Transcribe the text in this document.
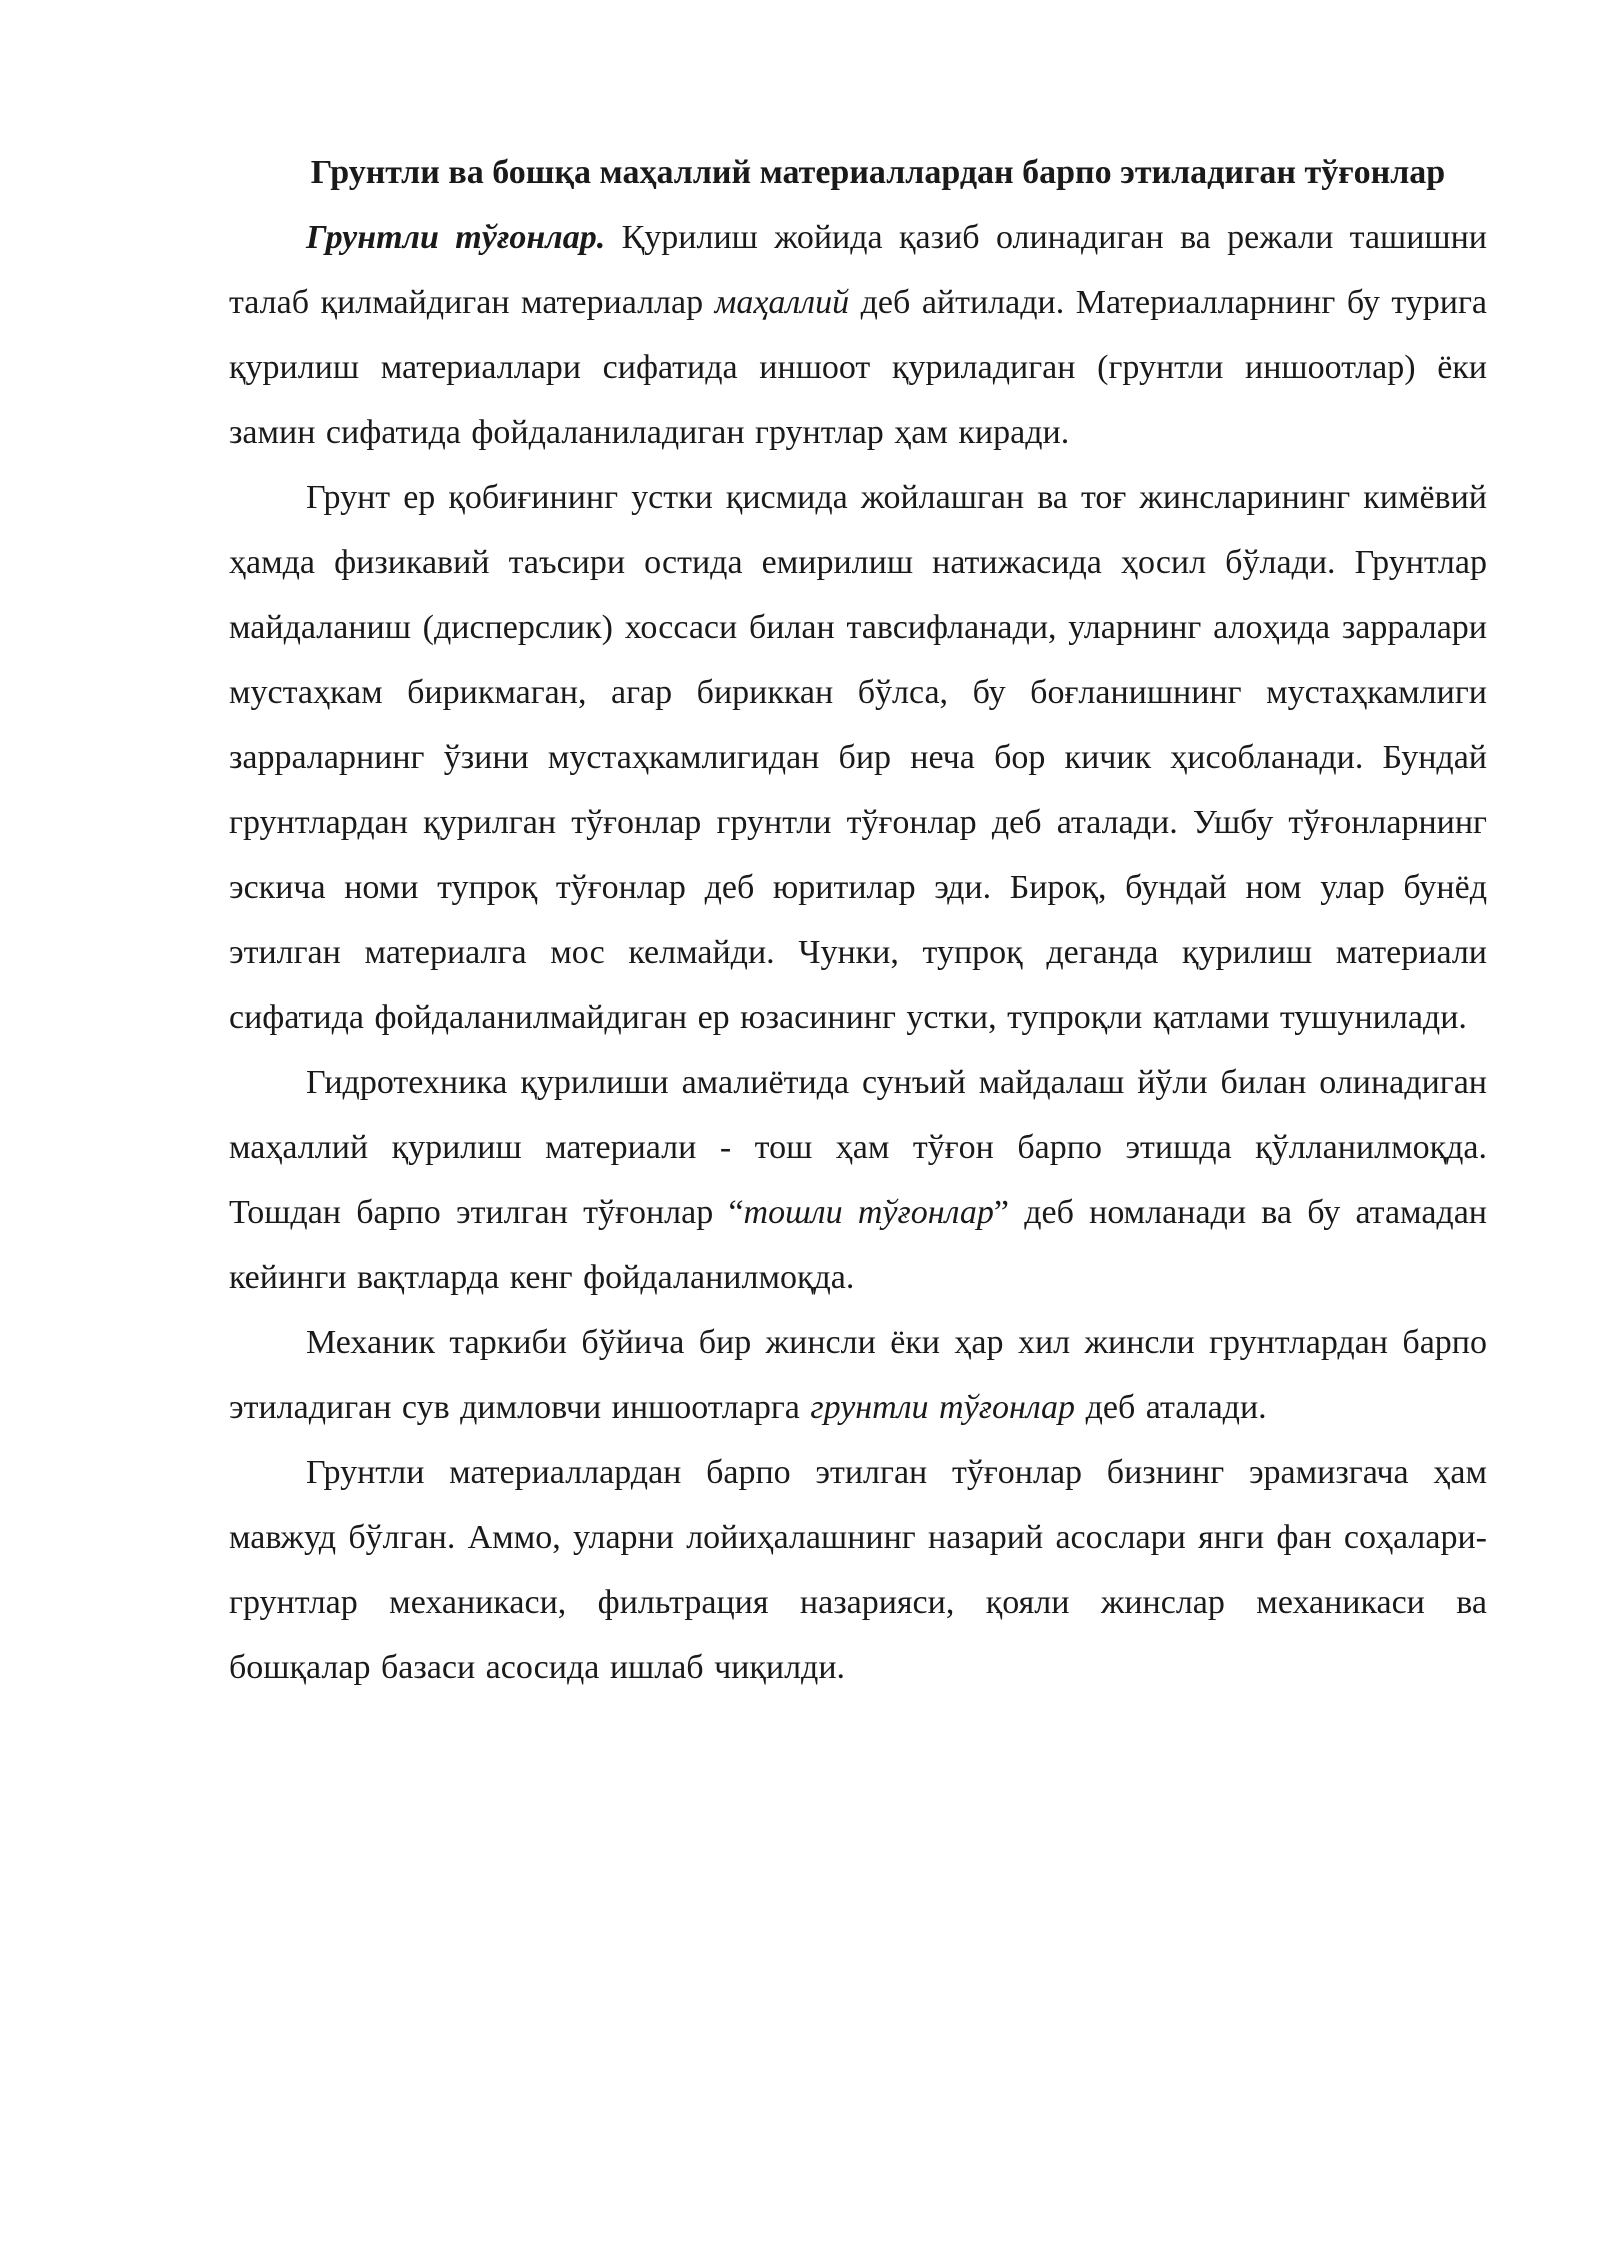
Грунтли ва бошқа маҳаллий материаллардан барпо этиладиган тўғонлар

Грунтли тўғонлар. Қурилиш жойида қазиб олинадиган ва режали ташишни талаб қилмайдиган материаллар маҳаллий деб айтилади. Материалларнинг бу турига қурилиш материаллари сифатида иншоот қуриладиган (грунтли иншоотлар) ёки замин сифатида фойдаланиладиган грунтлар ҳам киради.

Грунт ер қобиғининг устки қисмида жойлашган ва тоғ жинсларининг кимёвий ҳамда физикавий таъсири остида емирилиш натижасида ҳосил бўлади. Грунтлар майдаланиш (дисперслик) хоссаси билан тавсифланади, уларнинг алоҳида зарралари мустаҳкам бирикмаган, агар бириккан бўлса, бу боғланишнинг мустаҳкамлиги зарраларнинг ўзини мустаҳкамлигидан бир неча бор кичик ҳисобланади. Бундай грунтлардан қурилган тўғонлар грунтли тўғонлар деб аталади. Ушбу тўғонларнинг эскича номи тупроқ тўғонлар деб юритилар эди. Бироқ, бундай ном улар бунёд этилган материалга мос келмайди. Чунки, тупроқ деганда қурилиш материали сифатида фойдаланилмайдиган ер юзасининг устки, тупроқли қатлами тушунилади.

Гидротехника қурилиши амалиётида сунъий майдалаш йўли билан олинадиган маҳаллий қурилиш материали - тош ҳам тўғон барпо этишда қўлланилмоқда. Тошдан барпо этилган тўғонлар “тошли тўғонлар” деб номланади ва бу атамадан кейинги вақтларда кенг фойдаланилмоқда.

Механик таркиби бўйича бир жинсли ёки ҳар хил жинсли грунтлардан барпо этиладиган сув димловчи иншоотларга грунтли тўғонлар деб аталади.

Грунтли материаллардан барпо этилган тўғонлар бизнинг эрамизгача ҳам мавжуд бўлган. Аммо, уларни лойиҳалашнинг назарий асослари янги фан соҳалари-грунтлар механикаси, фильтрация назарияси, қояли жинслар механикаси ва бошқалар базаси асосида ишлаб чиқилди.
